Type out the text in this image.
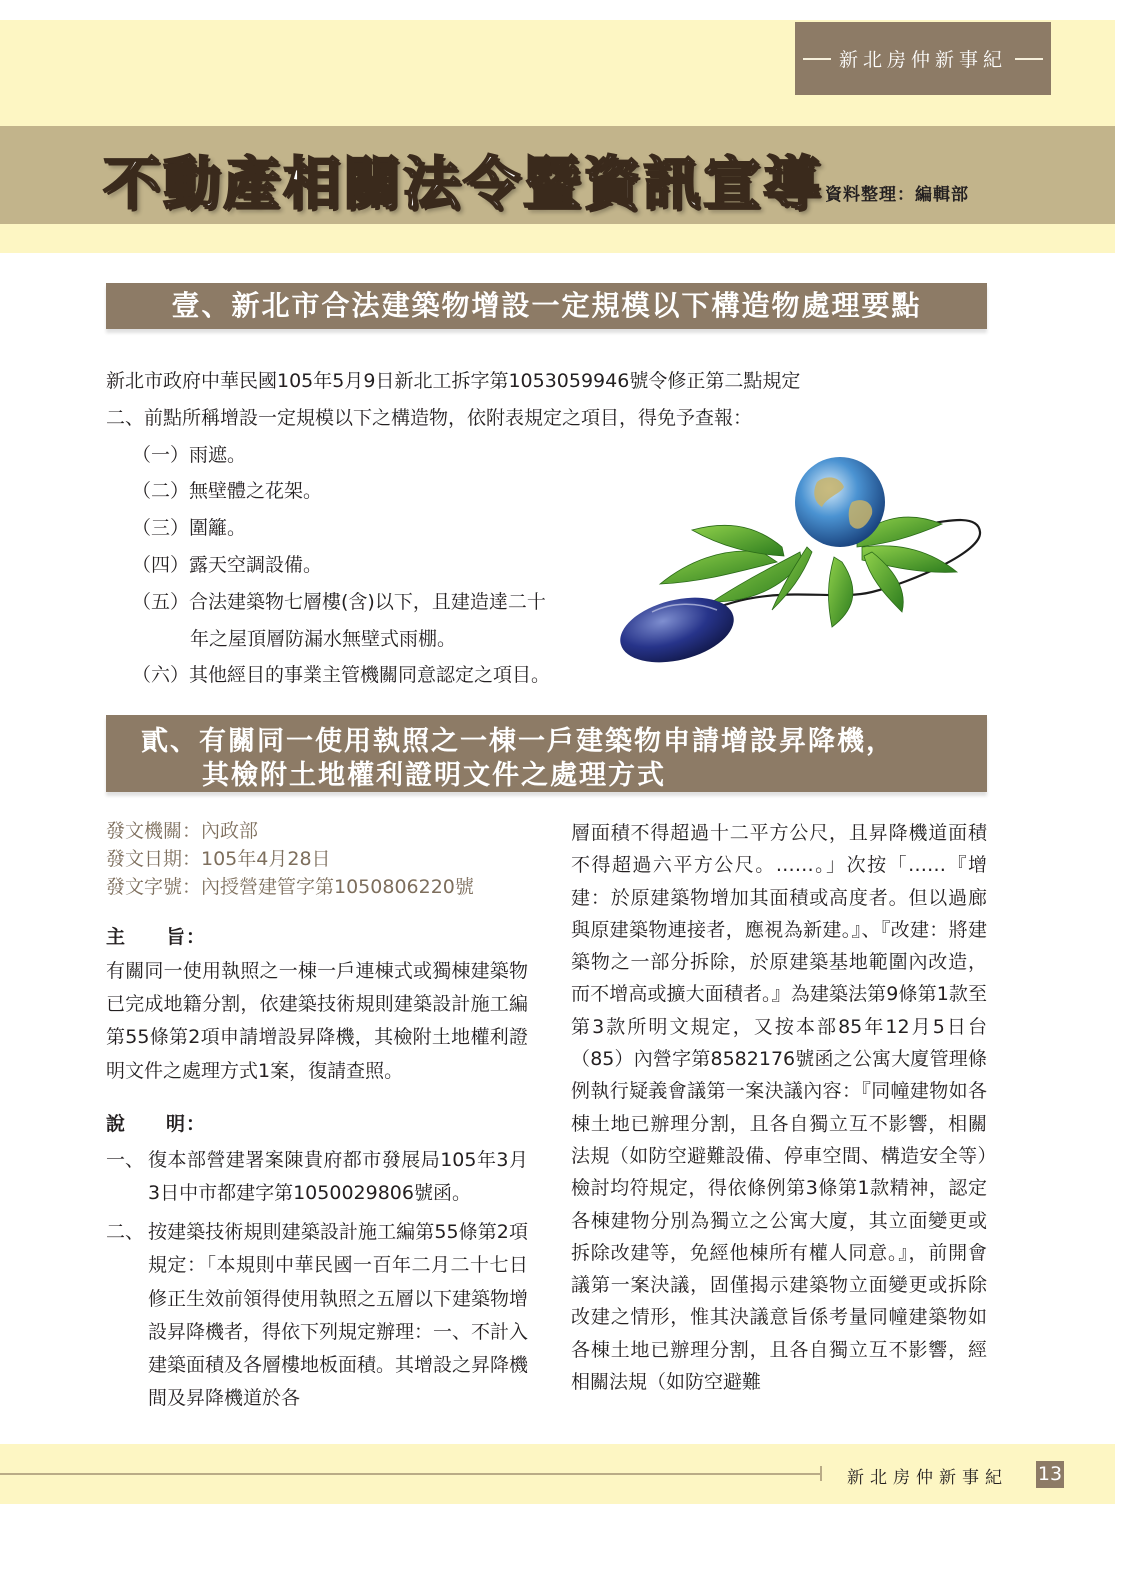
新北房仲新事紀
不動產相關法令暨資訊宣導 資料整理：編輯部
壹、新北市合法建築物增設一定規模以下構造物處理要點
新北市政府中華民國105年5月9日新北工拆字第1053059946號令修正第二點規定
二、前點所稱增設一定規模以下之構造物，依附表規定之項目，得免予查報：
（一）雨遮。
（二）無壁體之花架。
（三）圍籬。
（四）露天空調設備。
（五）合法建築物七層樓(含)以下，且建造達二十
年之屋頂層防漏水無壁式雨棚。
（六）其他經目的事業主管機關同意認定之項目。
貳、有關同一使用執照之一棟一戶建築物申請增設昇降機，
其檢附土地權利證明文件之處理方式
發文機關：內政部
發文日期：105年4月28日
發文字號：內授營建管字第1050806220號
主　　旨：
有關同一使用執照之一棟一戶連棟式或獨棟建築物已完成地籍分割，依建築技術規則建築設計施工編第55條第2項申請增設昇降機，其檢附土地權利證明文件之處理方式1案，復請查照。
說　　明：
一、 復本部營建署案陳貴府都市發展局105年3月3日中市都建字第1050029806號函。
二、 按建築技術規則建築設計施工編第55條第2項規定：「本規則中華民國一百年二月二十七日修正生效前領得使用執照之五層以下建築物增設昇降機者，得依下列規定辦理：一、不計入建築面積及各層樓地板面積。其增設之昇降機間及昇降機道於各
層面積不得超過十二平方公尺，且昇降機道面積不得超過六平方公尺。……。」次按「……『增建：於原建築物增加其面積或高度者。但以過廊與原建築物連接者，應視為新建。』、『改建：將建築物之一部分拆除，於原建築基地範圍內改造，而不增高或擴大面積者。』為建築法第9條第1款至第3款所明文規定，又按本部85年12月5日台（85）內營字第8582176號函之公寓大廈管理條例執行疑義會議第一案決議內容：『同幢建物如各棟土地已辦理分割，且各自獨立互不影響，相關法規（如防空避難設備、停車空間、構造安全等）檢討均符規定，得依條例第3條第1款精神，認定各棟建物分別為獨立之公寓大廈，其立面變更或拆除改建等，免經他棟所有權人同意。』，前開會議第一案決議，固僅揭示建築物立面變更或拆除改建之情形，惟其決議意旨係考量同幢建築物如各棟土地已辦理分割，且各自獨立互不影響，經相關法規（如防空避難
新北房仲新事紀 13
